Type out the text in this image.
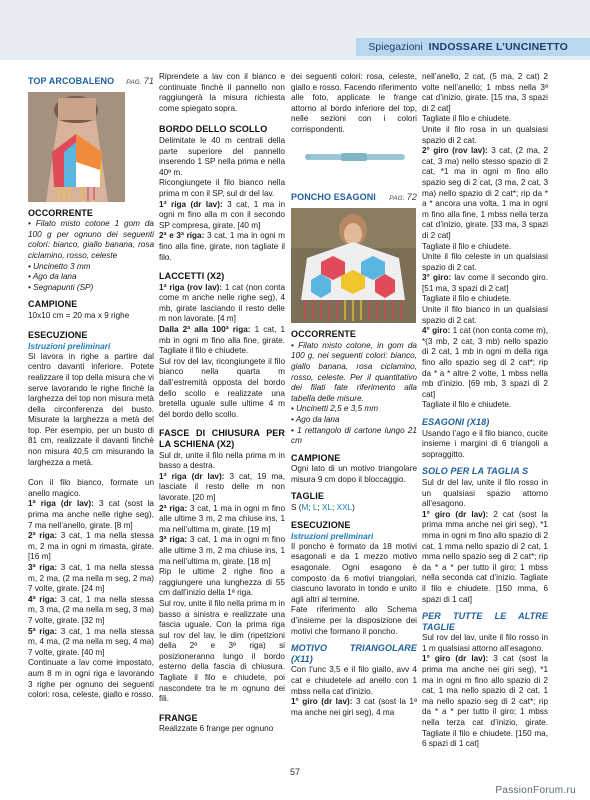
Spiegazioni INDOSSARE L’UNCINETTO
TOP ARCOBALENO PAG. 71
OCCORRENTE

• Filato misto cotone 1 gom da 100 g per ognuno dei seguenti colori: bianco, giallo banana, rosa ciclamino, rosso, celeste

• Uncinetto 3 mm

• Ago da lana

• Segnapunti (SP)

CAMPIONE

10x10 cm = 20 ma x 9 righe

ESECUZIONE

Istruzioni preliminari

Si lavora in righe a partire dal centro davanti inferiore. Potete realizzare il top della misura che vi serve lavorando le righe finchè la larghezza del top non misura metà della circonferenza del busto. Misurate la larghezza a metà del top. Per esempio, per un busto di 81 cm, realizzate il davanti finchè non misura 40,5 cm misurando la larghezza a metà.

Con il filo bianco, formate un anello magico.

1ª riga (dr lav): 3 cat (sost la prima ma anche nelle righe seg), 7 ma nell’anello, girate. [8 m]

2ª riga: 3 cat, 1 ma nella stessa m, 2 ma in ogni m rimasta, girate. [16 m]

3ª riga: 3 cat, 1 ma nella stessa m, 2 ma, (2 ma nella m seg, 2 ma) 7 volte, girate. [24 m]

4ª riga: 3 cat, 1 ma nella stessa m, 3 ma, (2 ma nella m seg, 3 ma) 7 volte, girate. [32 m]

5ª riga: 3 cat, 1 ma nella stessa m, 4 ma, (2 ma nella m seg, 4 ma) 7 volte, girate. [40 m]

Continuate a lav come impostato, aum 8 m in ogni riga e lavorando 3 righe per ognuno dei seguenti colori: rosa, celeste, giallo e rosso.

Riprendete a lav con il bianco e continuate finchè il pannello non raggiungerà la misura richiesta come spiegato sopra.

BORDO DELLO SCOLLO

Delimitate le 40 m centrali della parte superiore del pannello inserendo 1 SP nella prima e nella 40ª m.

Ricongiungete il filo bianco nella prima m con il SP, sul dr del lav.

1ª riga (dr lav): 3 cat, 1 ma in ogni m fino alla m con il secondo SP compresa, girate. [40 m]

2ª e 3ª riga: 3 cat, 1 ma in ogni m fino alla fine, girate, non tagliate il filo.

LACCETTI (X2)

1ª riga (rov lav): 1 cat (non conta come m anche nelle righe seg), 4 mb, girate lasciando il resto delle m non lavorate. [4 m]

Dalla 2ª alla 100ª riga: 1 cat, 1 mb in ogni m fino alla fine, girate. Tagliate il filo e chiudete.

Sul rov del lav, ricongiungete il filo bianco nella quarta m dall’estremità opposta del bordo dello scollo e realizzate una bretella uguale sulle ultime 4 m del bordo dello scollo.

FASCE DI CHIUSURA PER LA SCHIENA (X2)

Sul dr, unite il filo nella prima m in basso a destra.

1ª riga (dr lav): 3 cat, 19 ma, lasciate il resto delle m non lavorate. [20 m]

2ª riga: 3 cat, 1 ma in ogni m fino alle ultime 3 m, 2 ma chiuse ins, 1 ma nell’ultima m, girate. [19 m]

3ª riga: 3 cat, 1 ma in ogni m fino alle ultime 3 m, 2 ma chiuse ins, 1 ma nell’ultima m, girate. [18 m]

Rip le ultime 2 righe fino a raggiungere una lunghezza di 55 cm dall’inizio della 1ª riga.

Sul rov, unite il filo nella prima m in basso a sinistra e realizzate una fascia uguale. Con la prima riga sul rov del lav, le dim (ripetizioni della 2ª e 3ª riga) si posizioneranno lungo il bordo esterno della fascia di chiusura. Tagliate il filo e chiudete, poi nascondete tra le m ognuno dei fili.

FRANGE

Realizzate 6 frange per ognuno

dei seguenti colori: rosa, celeste, giallo e rosso. Facendo riferimento alle foto, applicate le frange attorno al bordo inferiore del top, nelle sezioni con i colori corrispondenti.

PONCHO ESAGONI PAG. 72
OCCORRENTE

• Filato misto cotone, in gom da 100 g, nei seguenti colori: bianco, giallo banana, rosa ciclamino, rosso, celeste. Per il quantitativo dei filati fate riferimento alla tabella delle misure.

• Uncinetti 2,5 e 3,5 mm

• Ago da lana

• 1 rettangolo di cartone lungo 21 cm

CAMPIONE

Ogni lato di un motivo triangolare misura 9 cm dopo il bloccaggio.

TAGLIE

S (M; L; XL; XXL)

ESECUZIONE

Istruzioni preliminari

Il poncho è formato da 18 motivi esagonali e da 1 mezzo motivo esagonale. Ogni esagono è composto da 6 motivi triangolari, ciascuno lavorato in tondo e unito agli altri al termine.

Fate riferimento allo Schema d’insieme per la disposizione dei motivi che formano il poncho.

MOTIVO TRIANGOLARE (X11)

Con l’unc 3,5 e il filo giallo, avv 4 cat e chiudetele ad anello con 1 mbss nella cat d’inizio.

1° giro (dr lav): 3 cat (sost la 1ª ma anche nei giri seg), 4 ma

nell’anello, 2 cat, (5 ma, 2 cat) 2 volte nell’anello; 1 mbss nella 3ª cat d’inizio, girate. [15 ma, 3 spazi di 2 cat]

Tagliate il filo e chiudete.

Unite il filo rosa in un qualsiasi spazio di 2 cat.

2° giro (rov lav): 3 cat, (2 ma, 2 cat, 3 ma) nello stesso spazio di 2 cat, *1 ma in ogni m fino allo spazio seg di 2 cat, (3 ma, 2 cat, 3 ma) nello spazio di 2 cat*; rip da * a * ancora una volta, 1 ma in ogni m fino alla fine, 1 mbss nella terza cat d’inizio, girate. [33 ma, 3 spazi di 2 cat]

Tagliate il filo e chiudete.

Unite il filo celeste in un qualsiasi spazio di 2 cat.

3° giro: lav come il secondo giro. [51 ma, 3 spazi di 2 cat]

Tagliate il filo e chiudete.

Unite il filo bianco in un qualsiasi spazio di 2 cat.

4° giro: 1 cat (non conta come m), *(3 mb, 2 cat, 3 mb) nello spazio di 2 cat, 1 mb in ogni m della riga fino allo spazio seg di 2 cat*; rip da * a * altre 2 volte, 1 mbss nella mb d’inizio. [69 mb, 3 spazi di 2 cat]

Tagliate il filo e chiudete.

ESAGONI (X18)

Usando l’ago e il filo bianco, cucite insieme i margini di 6 triangoli a sopraggitto.

SOLO PER LA TAGLIA S

Sul dr del lav, unite il filo rosso in un qualsiasi spazio attorno all’esagono.

1° giro (dr lav): 2 cat (sost la prima mma anche nei giri seg), *1 mma in ogni m fino allo spazio di 2 cat, 1 mma nello spazio di 2 cat, 1 mma nello spazio seg di 2 cat*; rip da * a * per tutto il giro; 1 mbss nella seconda cat d’inizio. Tagliate il filo e chiudete. [150 mma, 6 spazi di 1 cat]

PER TUTTE LE ALTRE TAGLIE

Sul rov del lav, unite il filo rosso in 1 m qualsiasi attorno all’esagono.

1° giro (dr lav): 3 cat (sost la prima ma anche nei giri seg), *1 ma in ogni m fino allo spazio di 2 cat, 1 ma nello spazio di 2 cat, 1 ma nello spazio seg di 2 cat*; rip da * a * per tutto il giro; 1 mbss nella terza cat d’inizio, girate. Tagliate il filo e chiudete. [150 ma, 6 spazi di 1 cat]

57
PassionForum.ru
